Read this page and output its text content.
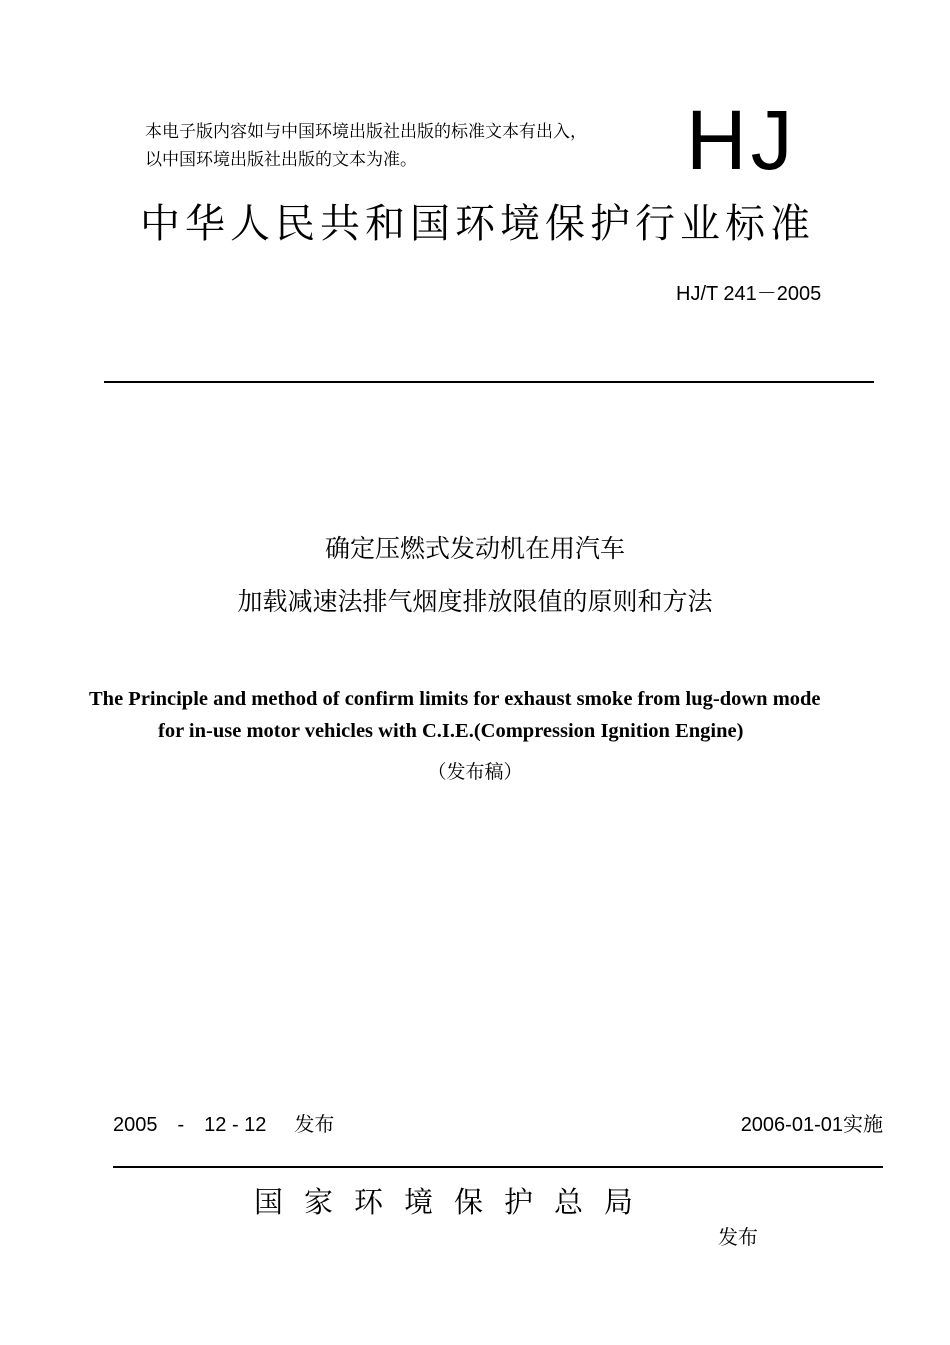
本电子版内容如与中国环境出版社出版的标准文本有出入，
以中国环境出版社出版的文本为准。	HJ
中华人民共和国环境保护行业标准
HJ/T 241－2005
确定压燃式发动机在用汽车
加载减速法排气烟度排放限值的原则和方法
The Principle and method of confirm limits for exhaust smoke from lug-down mode
for in-use motor vehicles with C.I.E.(Compression Ignition Engine)
（发布稿）
2005　-　12 - 12 发布	2006-01-01实施
国家环境保护总局
发布
